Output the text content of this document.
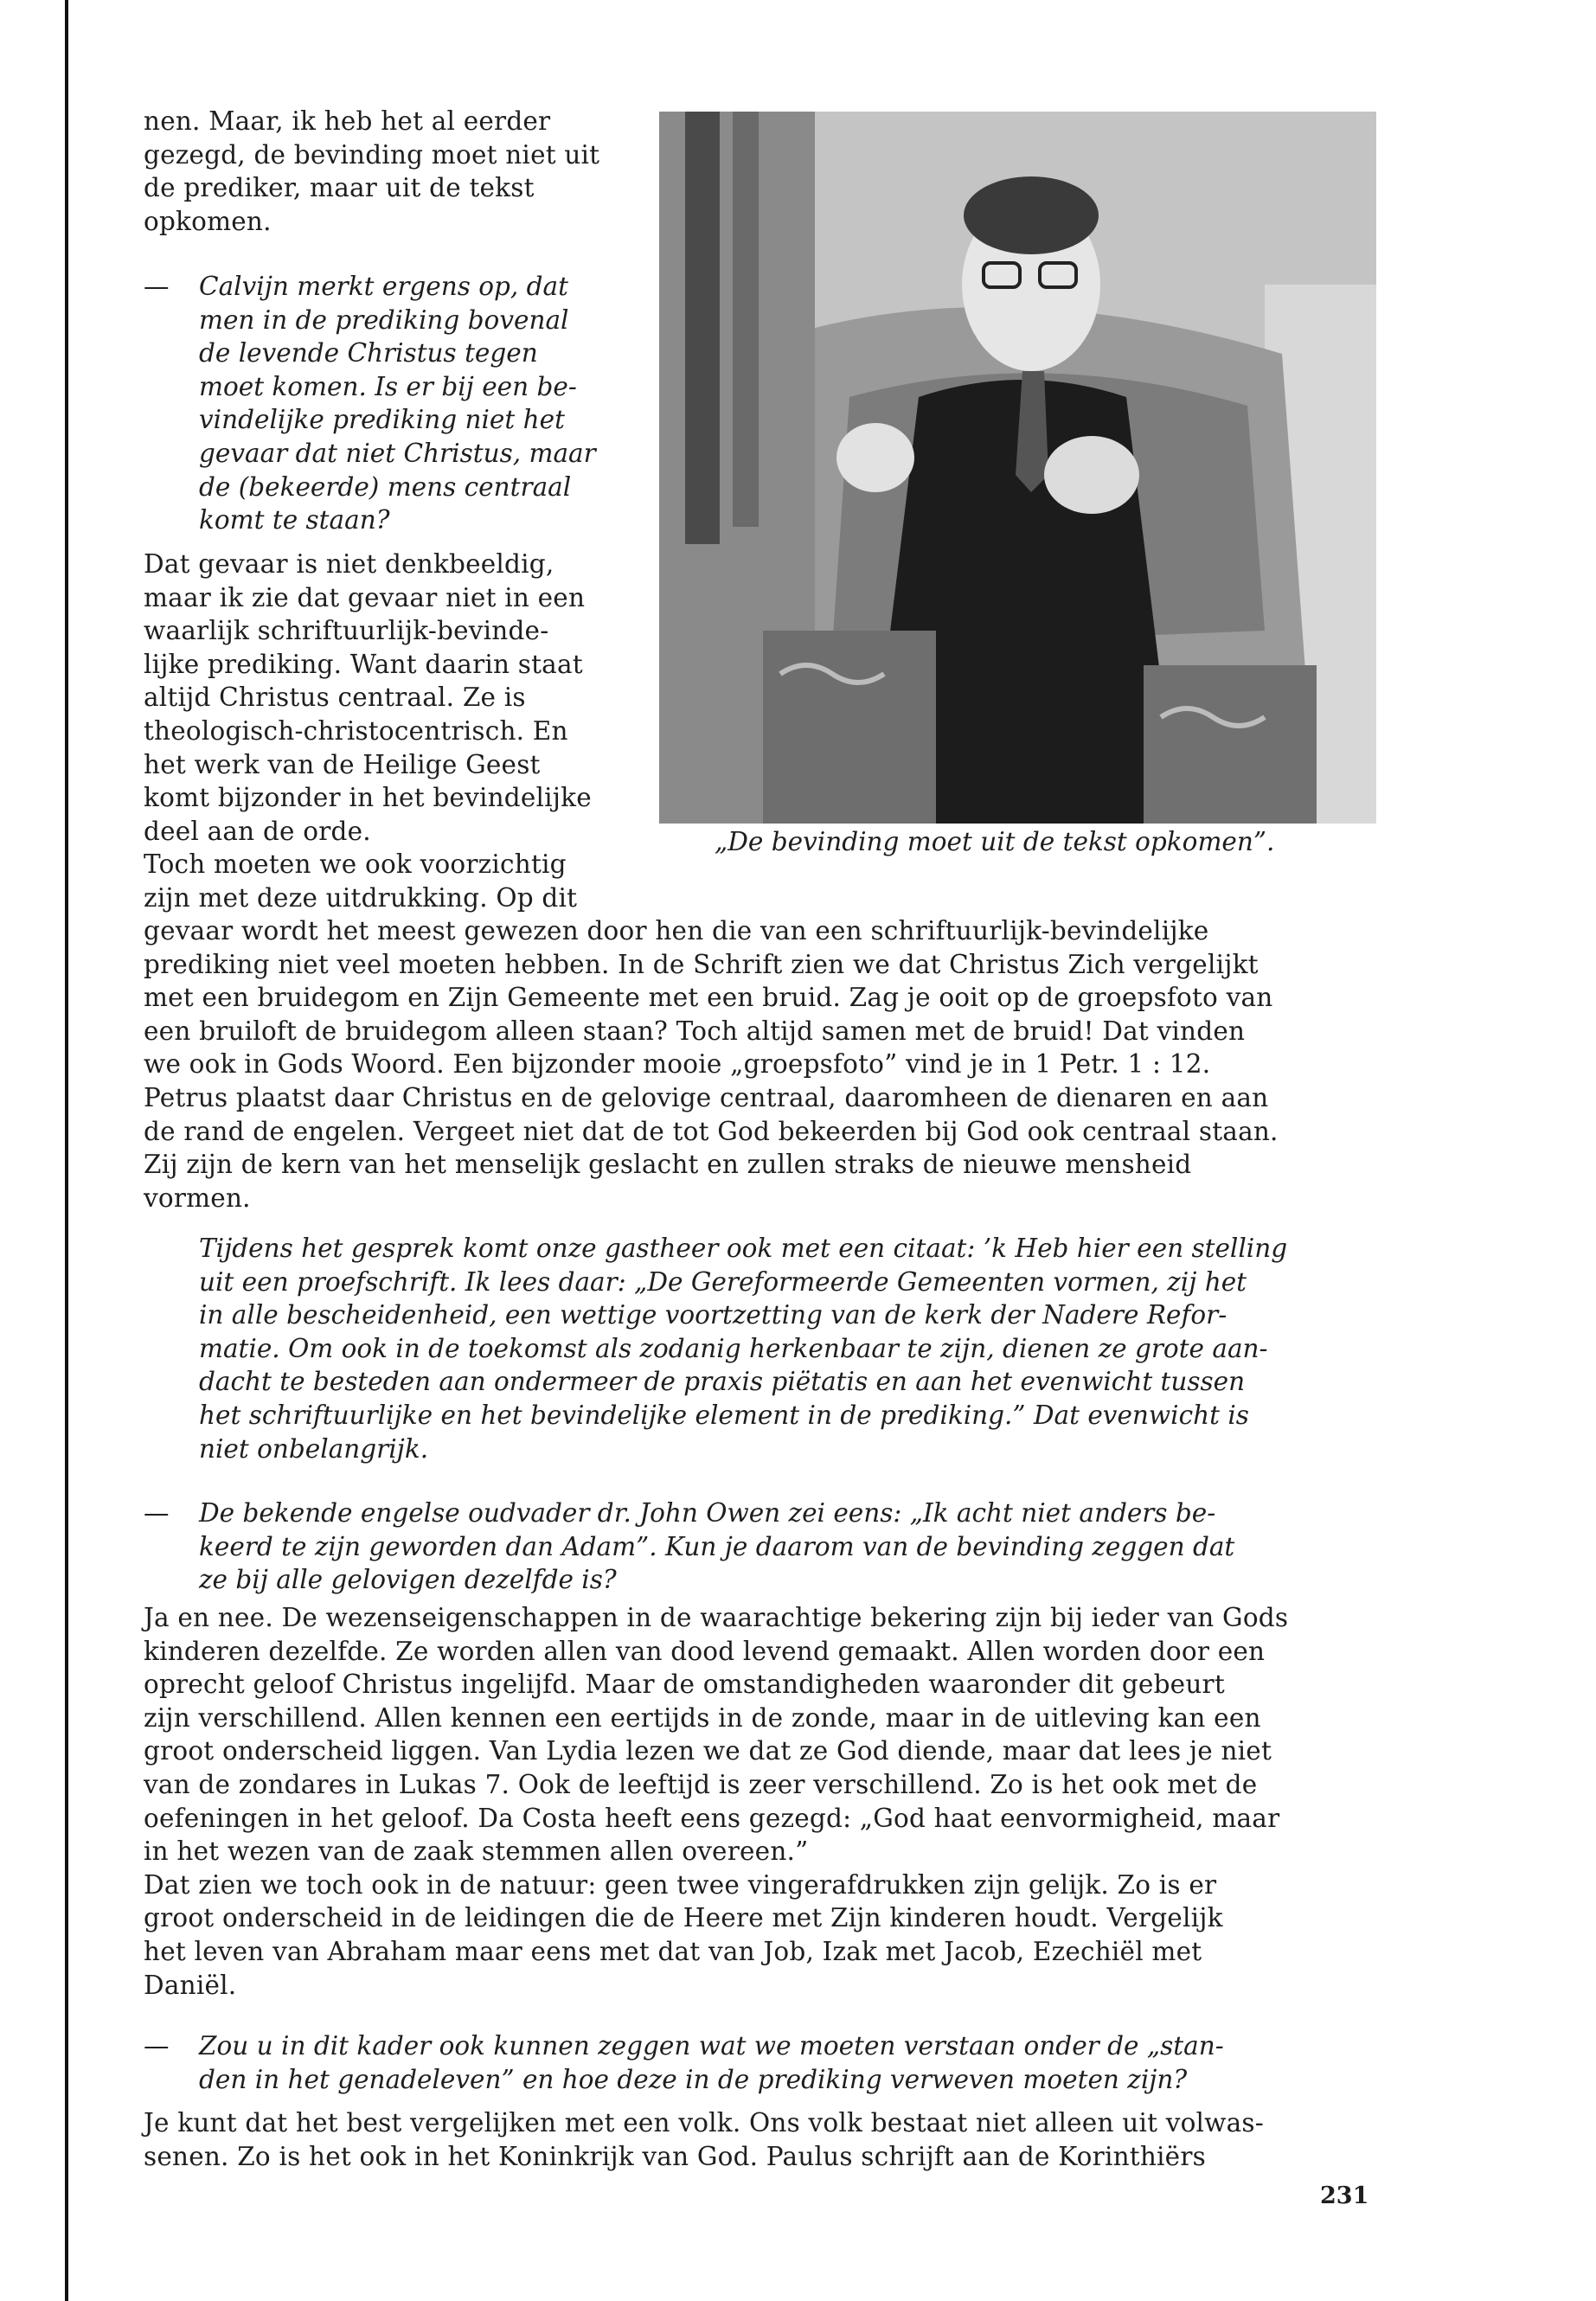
nen. Maar, ik heb het al eerder

gezegd, de bevinding moet niet uit

de prediker, maar uit de tekst

opkomen.

— Calvijn merkt ergens op, dat
men in de prediking bovenal
de levende Christus tegen
moet komen. Is er bij een be-
vindelijke prediking niet het
gevaar dat niet Christus, maar
de (bekeerde) mens centraal
komt te staan?

Dat gevaar is niet denkbeeldig,

maar ik zie dat gevaar niet in een

waarlijk schriftuurlijk-bevinde-

lijke prediking. Want daarin staat

altijd Christus centraal. Ze is

theologisch-christocentrisch. En

het werk van de Heilige Geest

komt bijzonder in het bevindelijke

deel aan de orde.

Toch moeten we ook voorzichtig

zijn met deze uitdrukking. Op dit

„De bevinding moet uit de tekst opkomen”.

gevaar wordt het meest gewezen door hen die van een schriftuurlijk-bevindelijke

prediking niet veel moeten hebben. In de Schrift zien we dat Christus Zich vergelijkt

met een bruidegom en Zijn Gemeente met een bruid. Zag je ooit op de groepsfoto van

een bruiloft de bruidegom alleen staan? Toch altijd samen met de bruid! Dat vinden

we ook in Gods Woord. Een bijzonder mooie „groepsfoto” vind je in 1 Petr. 1 : 12.

Petrus plaatst daar Christus en de gelovige centraal, daaromheen de dienaren en aan

de rand de engelen. Vergeet niet dat de tot God bekeerden bij God ook centraal staan.

Zij zijn de kern van het menselijk geslacht en zullen straks de nieuwe mensheid

vormen.

Tijdens het gesprek komt onze gastheer ook met een citaat: ’k Heb hier een stelling
uit een proefschrift. Ik lees daar: „De Gereformeerde Gemeenten vormen, zij het
in alle bescheidenheid, een wettige voortzetting van de kerk der Nadere Refor-
matie. Om ook in de toekomst als zodanig herkenbaar te zijn, dienen ze grote aan-
dacht te besteden aan ondermeer de praxis piëtatis en aan het evenwicht tussen
het schriftuurlijke en het bevindelijke element in de prediking.” Dat evenwicht is
niet onbelangrijk.
— De bekende engelse oudvader dr. John Owen zei eens: „Ik acht niet anders be-
keerd te zijn geworden dan Adam”. Kun je daarom van de bevinding zeggen dat
ze bij alle gelovigen dezelfde is?

Ja en nee. De wezenseigenschappen in de waarachtige bekering zijn bij ieder van Gods

kinderen dezelfde. Ze worden allen van dood levend gemaakt. Allen worden door een

oprecht geloof Christus ingelijfd. Maar de omstandigheden waaronder dit gebeurt

zijn verschillend. Allen kennen een eertijds in de zonde, maar in de uitleving kan een

groot onderscheid liggen. Van Lydia lezen we dat ze God diende, maar dat lees je niet

van de zondares in Lukas 7. Ook de leeftijd is zeer verschillend. Zo is het ook met de

oefeningen in het geloof. Da Costa heeft eens gezegd: „God haat eenvormigheid, maar

in het wezen van de zaak stemmen allen overeen.”

Dat zien we toch ook in de natuur: geen twee vingerafdrukken zijn gelijk. Zo is er

groot onderscheid in de leidingen die de Heere met Zijn kinderen houdt. Vergelijk

het leven van Abraham maar eens met dat van Job, Izak met Jacob, Ezechiël met

Daniël.

— Zou u in dit kader ook kunnen zeggen wat we moeten verstaan onder de „stan-
den in het genadeleven” en hoe deze in de prediking verweven moeten zijn?

Je kunt dat het best vergelijken met een volk. Ons volk bestaat niet alleen uit volwas-

senen. Zo is het ook in het Koninkrijk van God. Paulus schrijft aan de Korinthiërs

231
